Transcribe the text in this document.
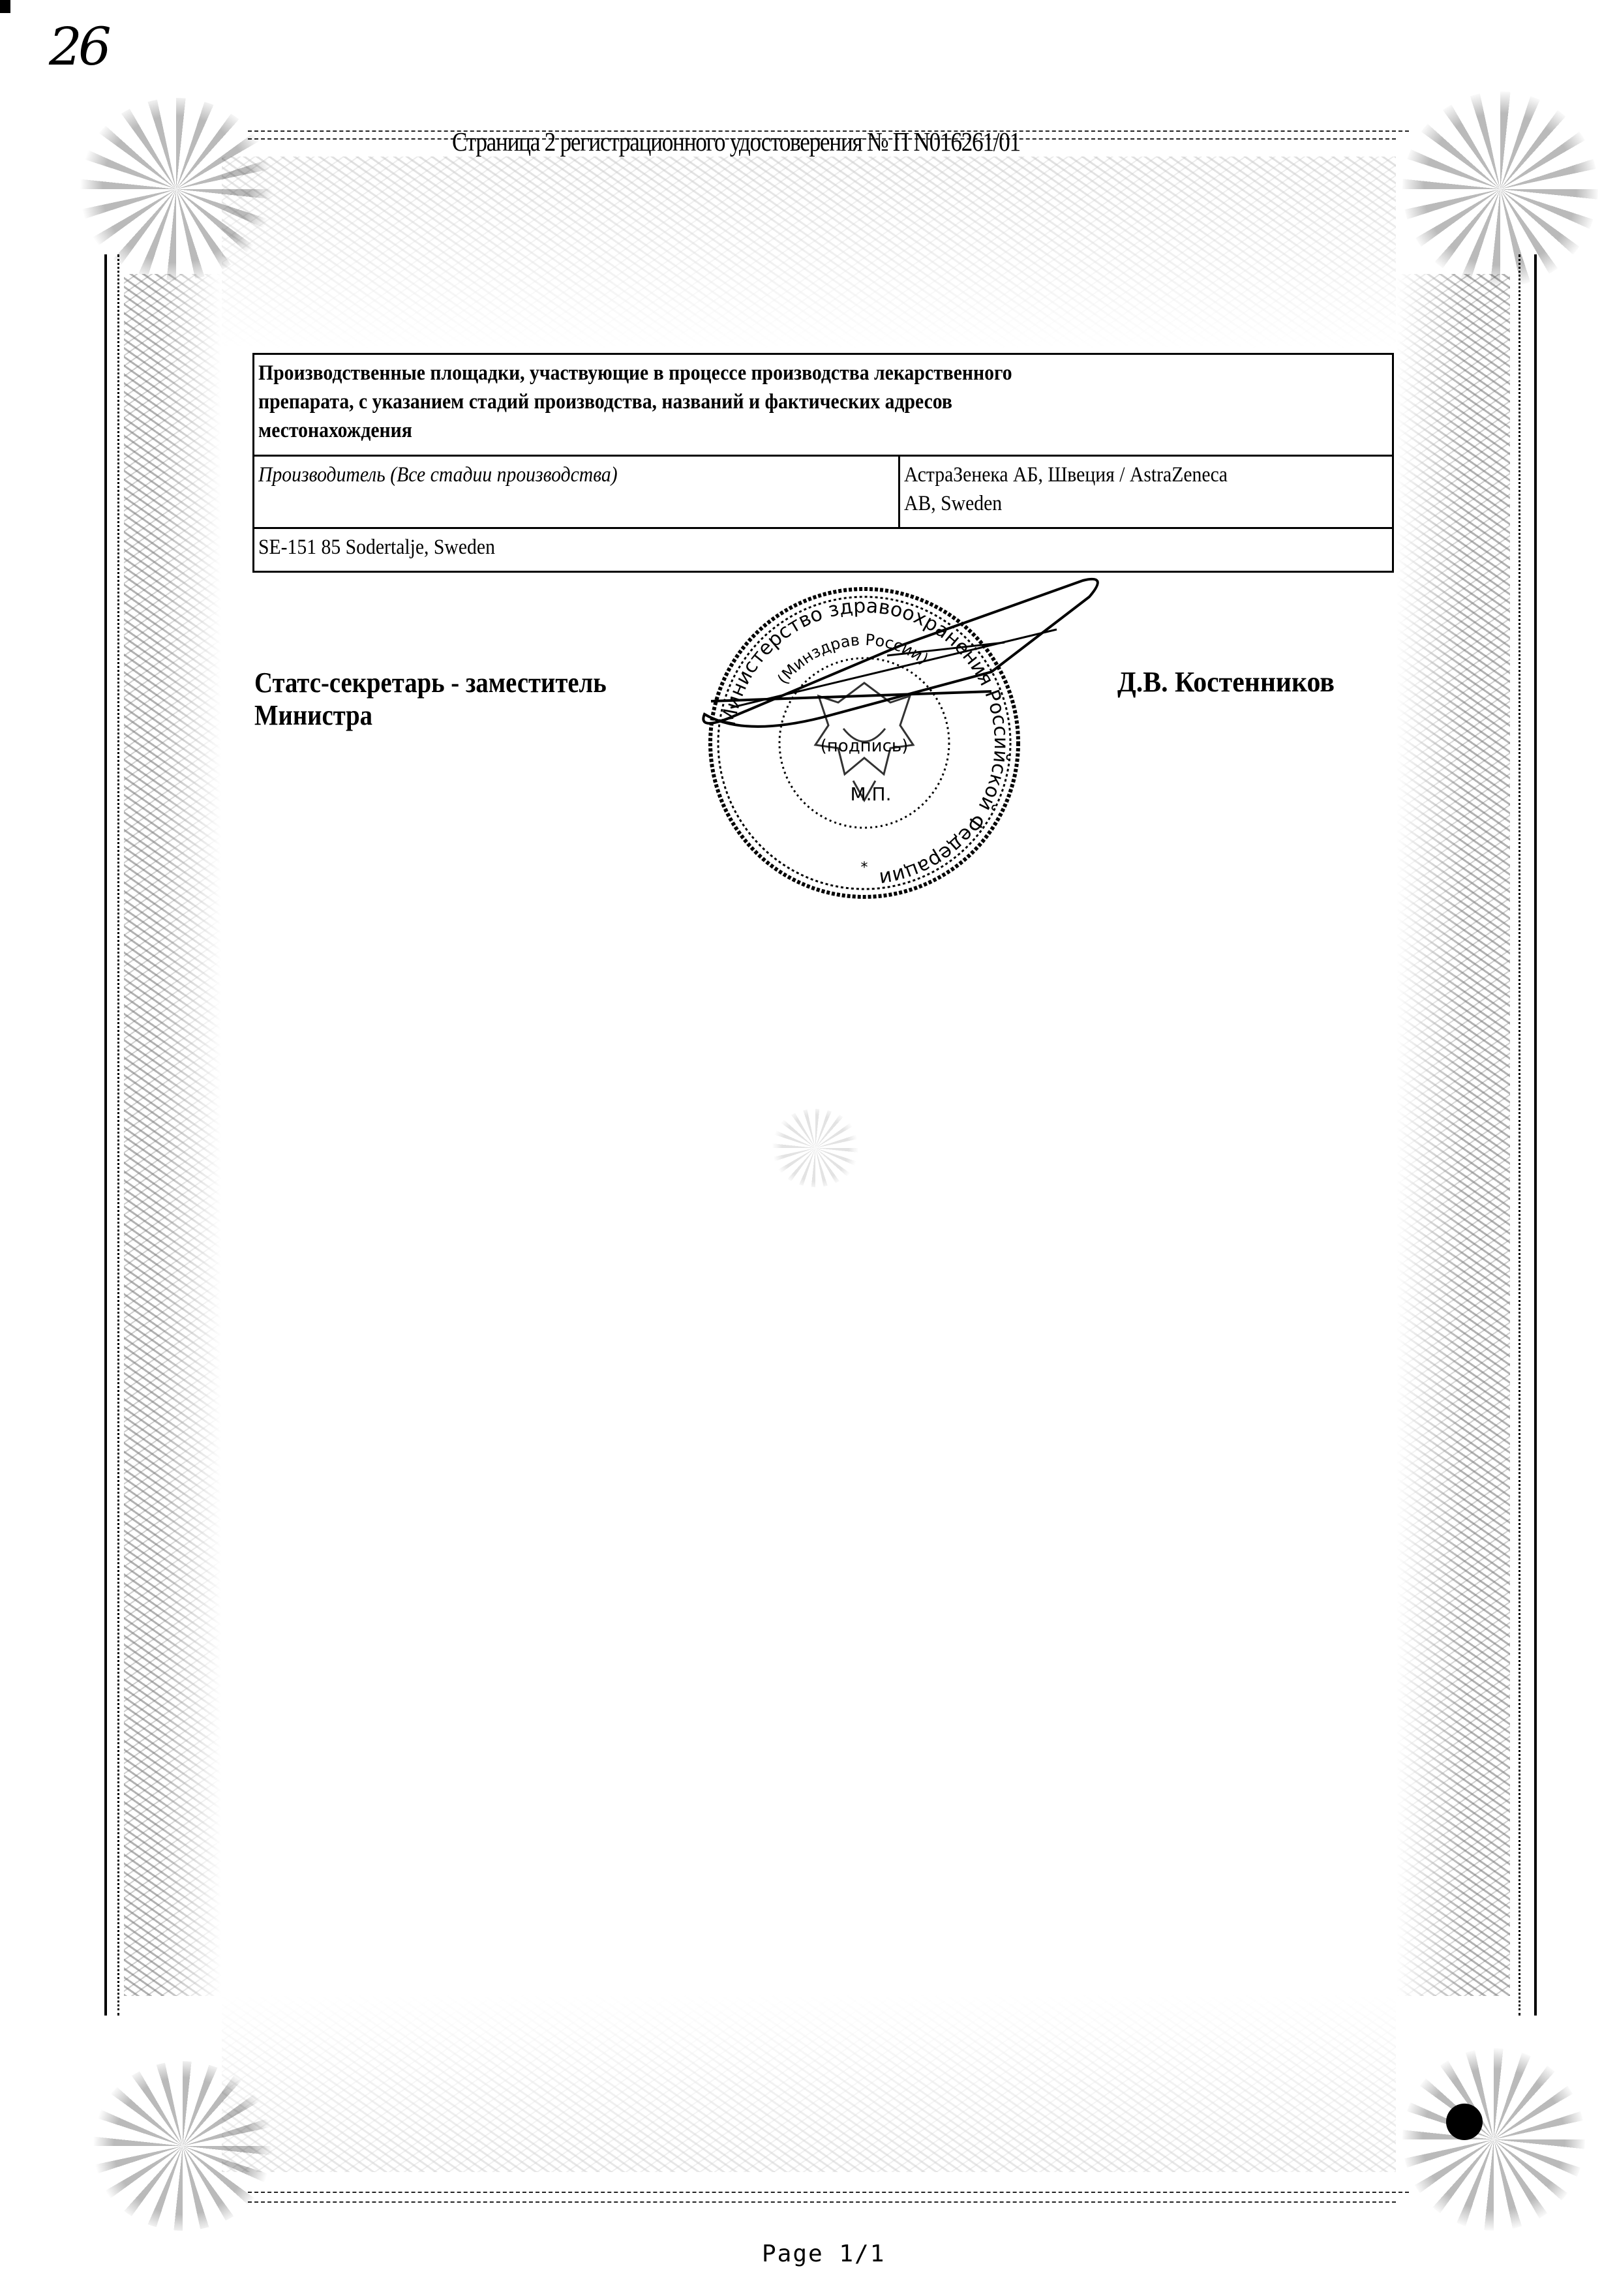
26
Страница 2 регистрационного удостоверения № П N016261/01
Производственные площадки, участвующие в процессе производства лекарственного
препарата, с указанием стадий производства, названий и фактических адресов
местонахождения

Производитель (Все стадии производства)	АстраЗенека АБ, Швеция / AstraZeneca
AB, Sweden

SE-151 85 Sodertalje, Sweden
Статс-секретарь - заместитель
Министра
Д.В. Костенников
Министерство здравоохранения Российской Федерации
(Минздрав России)
(подпись)
М.П.
*
Page 1/1
